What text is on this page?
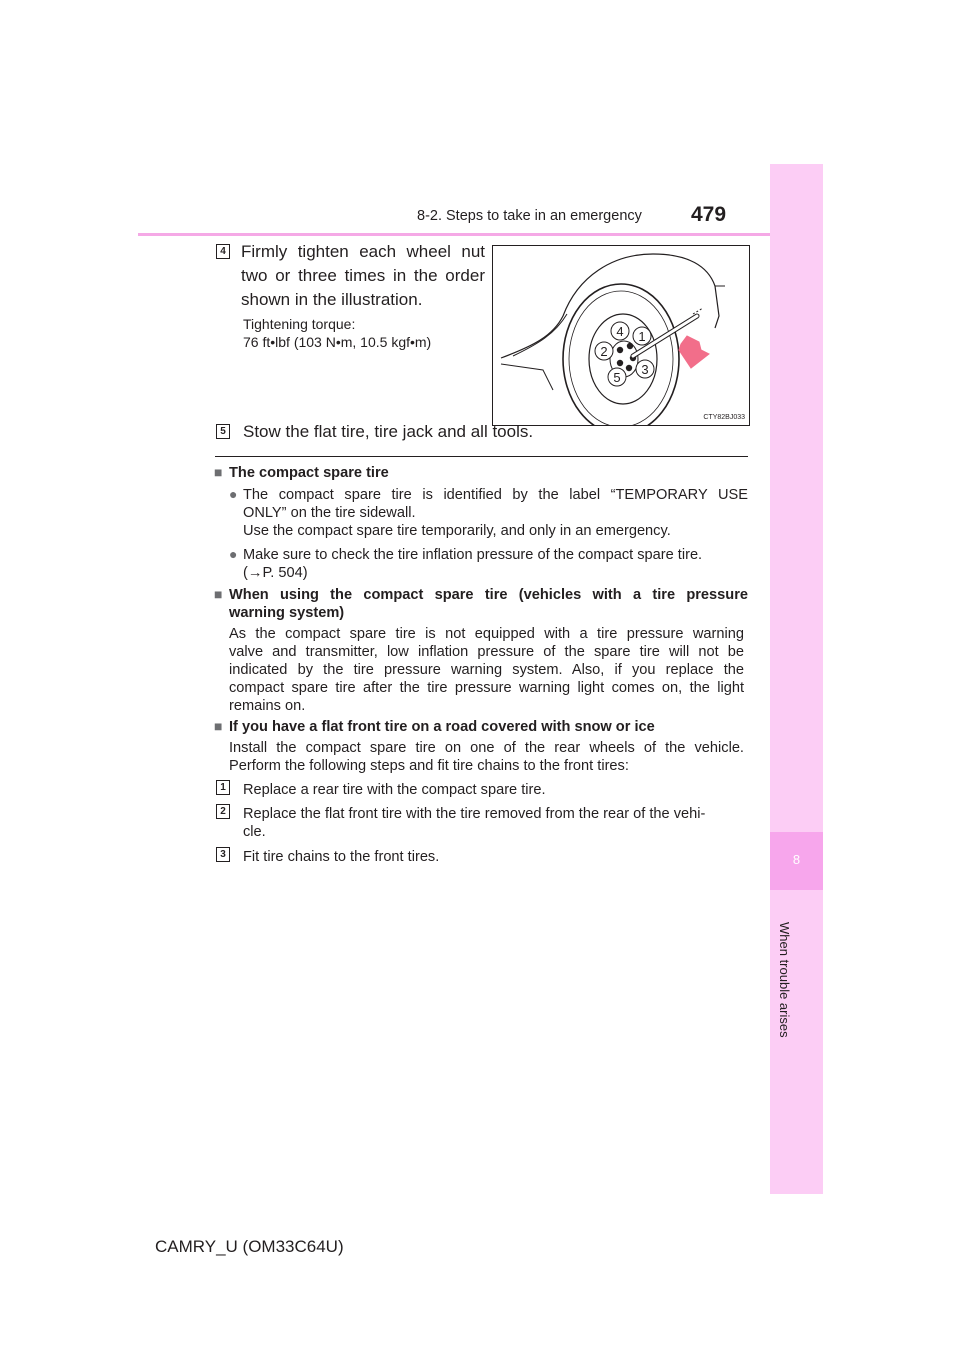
8-2. Steps to take in an emergency 479
8
When trouble arises
4 Firmly tighten each wheel nut
two or three times in the order
shown in the illustration.
Tightening torque:
76 ft•lbf (103 N•m, 10.5 kgf•m)
4 1
2
3
5
CTY82BJ033
5 Stow the flat tire, tire jack and all tools.
■ The compact spare tire
● The compact spare tire is identified by the label “TEMPORARY USE
ONLY” on the tire sidewall.
Use the compact spare tire temporarily, and only in an emergency.
● Make sure to check the tire inflation pressure of the compact spare tire.
(→P. 504)
■ When using the compact spare tire (vehicles with a tire pressure
warning system)
As the compact spare tire is not equipped with a tire pressure warning
valve and transmitter, low inflation pressure of the spare tire will not be
indicated by the tire pressure warning system. Also, if you replace the
compact spare tire after the tire pressure warning light comes on, the light
remains on.
■ If you have a flat front tire on a road covered with snow or ice
Install the compact spare tire on one of the rear wheels of the vehicle.
Perform the following steps and fit tire chains to the front tires:
1 Replace a rear tire with the compact spare tire.
2 Replace the flat front tire with the tire removed from the rear of the vehi-
cle.
3 Fit tire chains to the front tires.
CAMRY_U (OM33C64U)
